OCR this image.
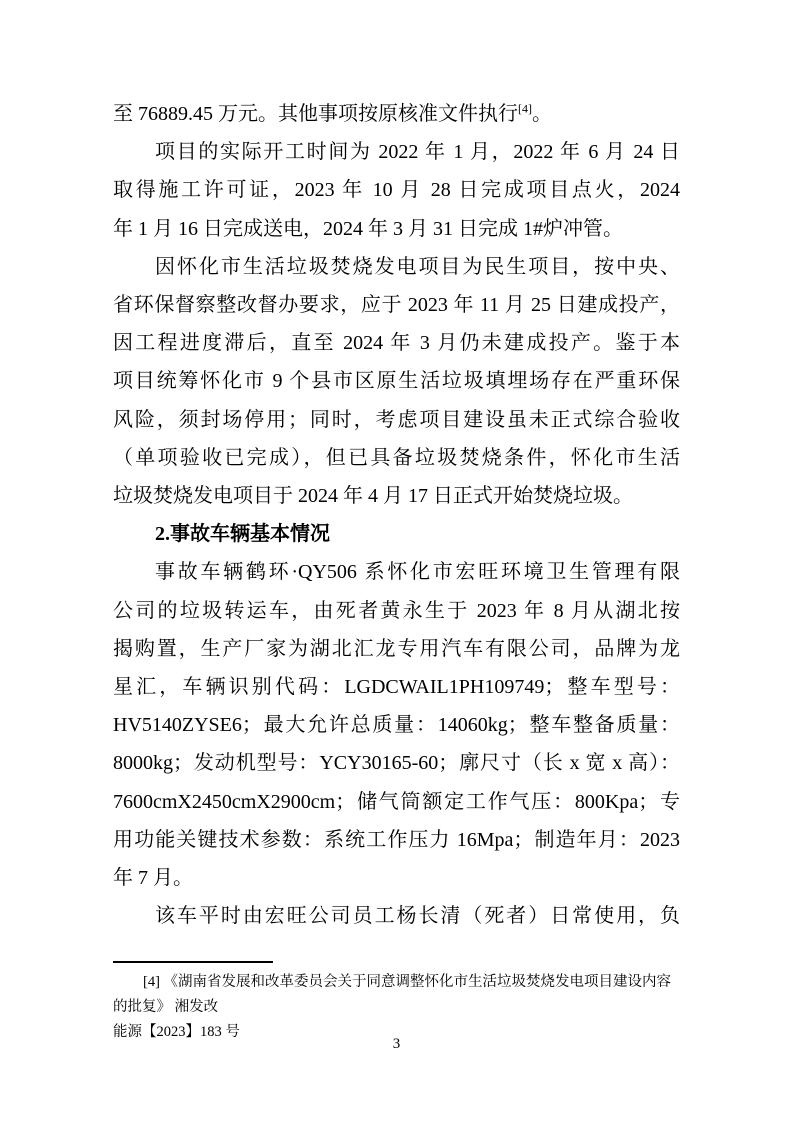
至 76889.45 万元。其他事项按原核准文件执行[4]。
项目的实际开工时间为 2022 年 1 月，2022 年 6 月 24 日
取得施工许可证，2023 年 10 月 28 日完成项目点火，2024
年 1 月 16 日完成送电，2024 年 3 月 31 日完成 1#炉冲管。
因怀化市生活垃圾焚烧发电项目为民生项目，按中央、
省环保督察整改督办要求，应于 2023 年 11 月 25 日建成投产，
因工程进度滞后，直至 2024 年 3 月仍未建成投产。鉴于本
项目统筹怀化市 9 个县市区原生活垃圾填埋场存在严重环保
风险，须封场停用；同时，考虑项目建设虽未正式综合验收
（单项验收已完成），但已具备垃圾焚烧条件，怀化市生活
垃圾焚烧发电项目于 2024 年 4 月 17 日正式开始焚烧垃圾。
2.事故车辆基本情况
事故车辆鹤环·QY506 系怀化市宏旺环境卫生管理有限
公司的垃圾转运车，由死者黄永生于 2023 年 8 月从湖北按
揭购置，生产厂家为湖北汇龙专用汽车有限公司，品牌为龙
星汇，车辆识别代码：LGDCWAIL1PH109749；整车型号：
HV5140ZYSE6；最大允许总质量：14060kg；整车整备质量：
8000kg；发动机型号：YCY30165-60；廓尺寸（长 x 宽 x 高）：
7600cmX2450cmX2900cm；储气筒额定工作气压：800Kpa；专
用功能关键技术参数：系统工作压力 16Mpa；制造年月：2023
年 7 月。
该车平时由宏旺公司员工杨长清（死者）日常使用，负
[4] 《湖南省发展和改革委员会关于同意调整怀化市生活垃圾焚烧发电项目建设内容的批复》 湘发改
能源【2023】183 号
3
